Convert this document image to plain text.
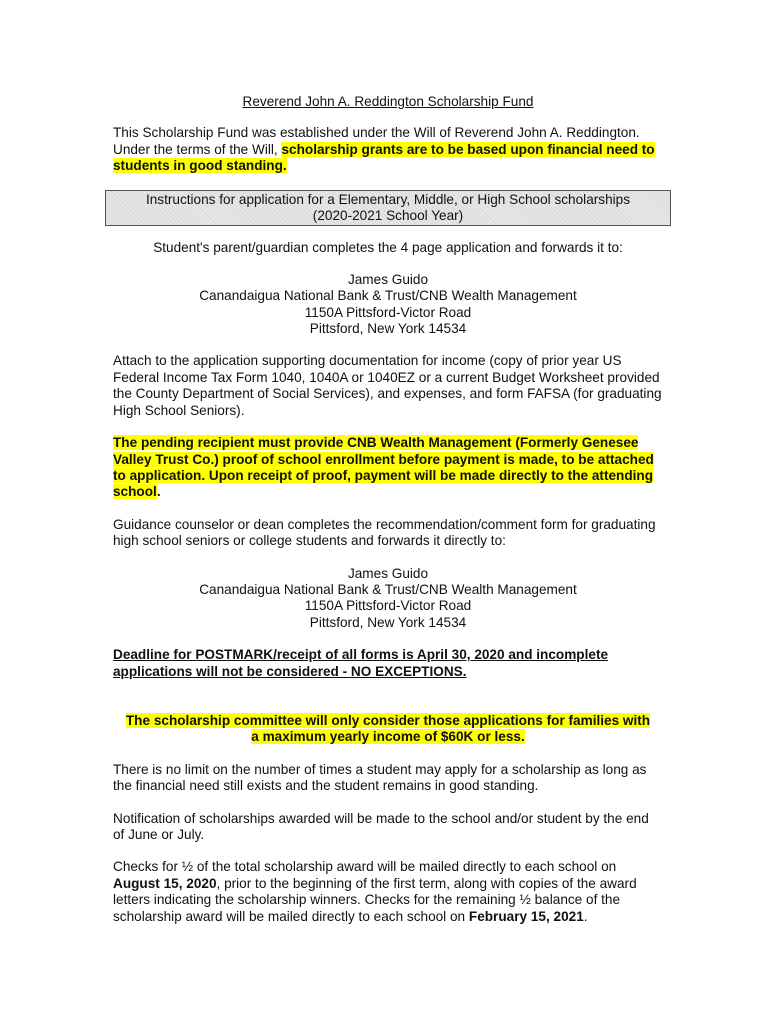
Reverend John A. Reddington Scholarship Fund

This Scholarship Fund was established under the Will of Reverend John A. Reddington. Under the terms of the Will, scholarship grants are to be based upon financial need to students in good standing.

Instructions for application for a Elementary, Middle, or High School scholarships

(2020-2021 School Year)

Student's parent/guardian completes the 4 page application and forwards it to:

James Guido

Canandaigua National Bank & Trust/CNB Wealth Management

1150A Pittsford-Victor Road

Pittsford, New York 14534

Attach to the application supporting documentation for income (copy of prior year US Federal Income Tax Form 1040, 1040A or 1040EZ or a current Budget Worksheet provided the County Department of Social Services), and expenses, and form FAFSA (for graduating High School Seniors).

The pending recipient must provide CNB Wealth Management (Formerly Genesee Valley Trust Co.) proof of school enrollment before payment is made, to be attached to application. Upon receipt of proof, payment will be made directly to the attending school.

Guidance counselor or dean completes the recommendation/comment form for graduating high school seniors or college students and forwards it directly to:

James Guido

Canandaigua National Bank & Trust/CNB Wealth Management

1150A Pittsford-Victor Road

Pittsford, New York 14534

Deadline for POSTMARK/receipt of all forms is April 30, 2020 and incomplete applications will not be considered - NO EXCEPTIONS.

The scholarship committee will only consider those applications for families with

a maximum yearly income of $60K or less.

There is no limit on the number of times a student may apply for a scholarship as long as the financial need still exists and the student remains in good standing.

Notification of scholarships awarded will be made to the school and/or student by the end of June or July.

Checks for ½ of the total scholarship award will be mailed directly to each school on August 15, 2020, prior to the beginning of the first term, along with copies of the award letters indicating the scholarship winners. Checks for the remaining ½ balance of the scholarship award will be mailed directly to each school on February 15, 2021.
